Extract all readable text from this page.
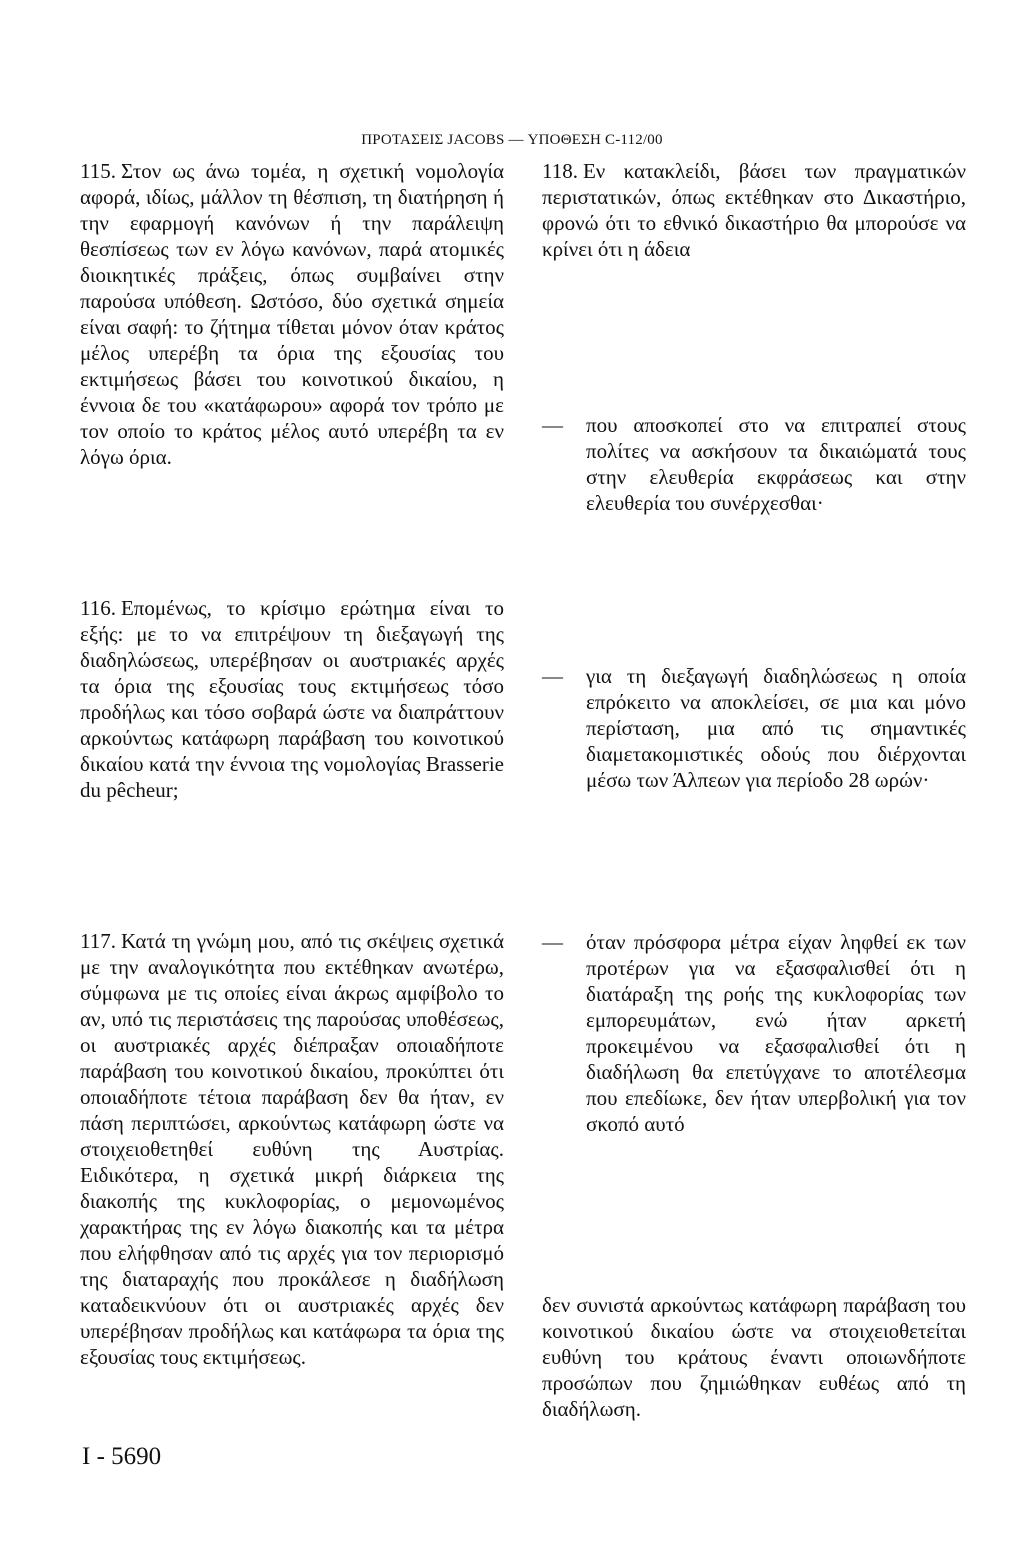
ΠΡΟΤΑΣΕΙΣ JACOBS — ΥΠΟΘΕΣΗ C-112/00

115. Στον ως άνω τομέα, η σχετική νομολογία αφορά, ιδίως, μάλλον τη θέσπιση, τη διατήρηση ή την εφαρμογή κανόνων ή την παράλειψη θεσπίσεως των εν λόγω κανόνων, παρά ατομικές διοικητικές πράξεις, όπως συμβαίνει στην παρούσα υπόθεση. Ωστόσο, δύο σχετικά σημεία είναι σαφή: το ζήτημα τίθεται μόνον όταν κράτος μέλος υπερέβη τα όρια της εξουσίας του εκτιμήσεως βάσει του κοινοτικού δικαίου, η έννοια δε του «κατάφωρου» αφορά τον τρόπο με τον οποίο το κράτος μέλος αυτό υπερέβη τα εν λόγω όρια.

116. Επομένως, το κρίσιμο ερώτημα είναι το εξής: με το να επιτρέψουν τη διεξαγωγή της διαδηλώσεως, υπερέβησαν οι αυστριακές αρχές τα όρια της εξουσίας τους εκτιμήσεως τόσο προδήλως και τόσο σοβαρά ώστε να διαπράττουν αρκούντως κατάφωρη παράβαση του κοινοτικού δικαίου κατά την έννοια της νομολογίας Brasserie du pêcheur;

117. Κατά τη γνώμη μου, από τις σκέψεις σχετικά με την αναλογικότητα που εκτέθηκαν ανωτέρω, σύμφωνα με τις οποίες είναι άκρως αμφίβολο το αν, υπό τις περιστάσεις της παρούσας υποθέσεως, οι αυστριακές αρχές διέπραξαν οποιαδήποτε παράβαση του κοινοτικού δικαίου, προκύπτει ότι οποιαδήποτε τέτοια παράβαση δεν θα ήταν, εν πάση περιπτώσει, αρκούντως κατάφωρη ώστε να στοιχειοθετηθεί ευθύνη της Αυστρίας. Ειδικότερα, η σχετικά μικρή διάρκεια της διακοπής της κυκλοφορίας, ο μεμονωμένος χαρακτήρας της εν λόγω διακοπής και τα μέτρα που ελήφθησαν από τις αρχές για τον περιορισμό της διαταραχής που προκάλεσε η διαδήλωση καταδεικνύουν ότι οι αυστριακές αρχές δεν υπερέβησαν προδήλως και κατάφωρα τα όρια της εξουσίας τους εκτιμήσεως.

118. Εν κατακλείδι, βάσει των πραγματικών περιστατικών, όπως εκτέθηκαν στο Δικαστήριο, φρονώ ότι το εθνικό δικαστήριο θα μπορούσε να κρίνει ότι η άδεια

— που αποσκοπεί στο να επιτραπεί στους πολίτες να ασκήσουν τα δικαιώματά τους στην ελευθερία εκφράσεως και στην ελευθερία του συνέρχεσθαι·

— για τη διεξαγωγή διαδηλώσεως η οποία επρόκειτο να αποκλείσει, σε μια και μόνο περίσταση, μια από τις σημαντικές διαμετακομιστικές οδούς που διέρχονται μέσω των Άλπεων για περίοδο 28 ωρών·

— όταν πρόσφορα μέτρα είχαν ληφθεί εκ των προτέρων για να εξασφαλισθεί ότι η διατάραξη της ροής της κυκλοφορίας των εμπορευμάτων, ενώ ήταν αρκετή προκειμένου να εξασφαλισθεί ότι η διαδήλωση θα επετύγχανε το αποτέλεσμα που επεδίωκε, δεν ήταν υπερβολική για τον σκοπό αυτό

δεν συνιστά αρκούντως κατάφωρη παράβαση του κοινοτικού δικαίου ώστε να στοιχειοθετείται ευθύνη του κράτους έναντι οποιωνδήποτε προσώπων που ζημιώθηκαν ευθέως από τη διαδήλωση.

I - 5690
